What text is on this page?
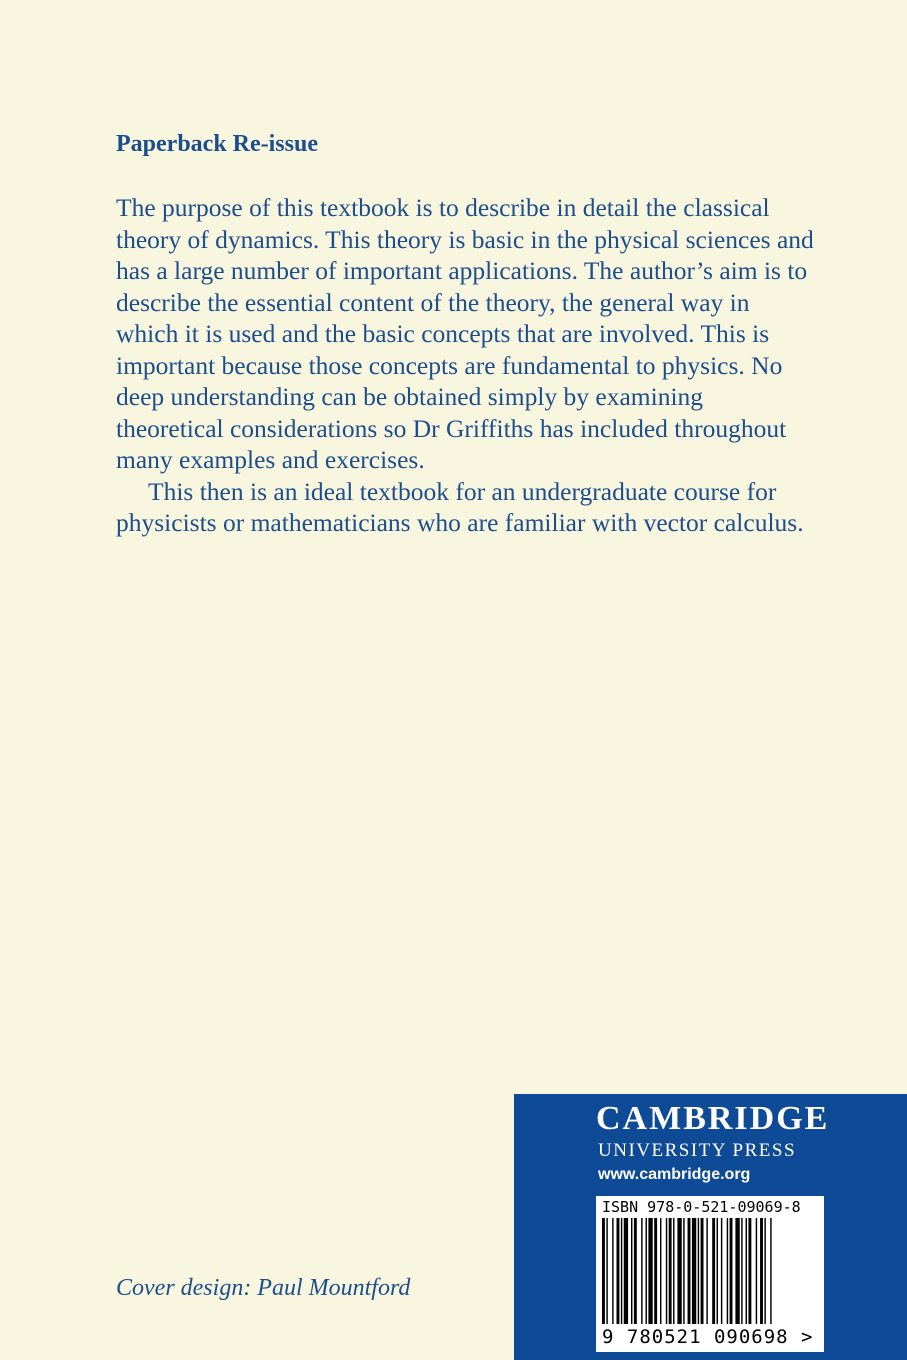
Paperback Re-issue

The purpose of this textbook is to describe in detail the classical theory of dynamics. This theory is basic in the physical sciences and has a large number of important applications. The author’s aim is to describe the essential content of the theory, the general way in which it is used and the basic concepts that are involved. This is important because those concepts are fundamental to physics. No deep understanding can be obtained simply by examining theoretical considerations so Dr Griffiths has included throughout many examples and exercises.

This then is an ideal textbook for an undergraduate course for physicists or mathematicians who are familiar with vector calculus.

Cover design: Paul Mountford

CAMBRIDGE
UNIVERSITY PRESS
www.cambridge.org
ISBN 978-0-521-09069-8
9 780521 090698 >
